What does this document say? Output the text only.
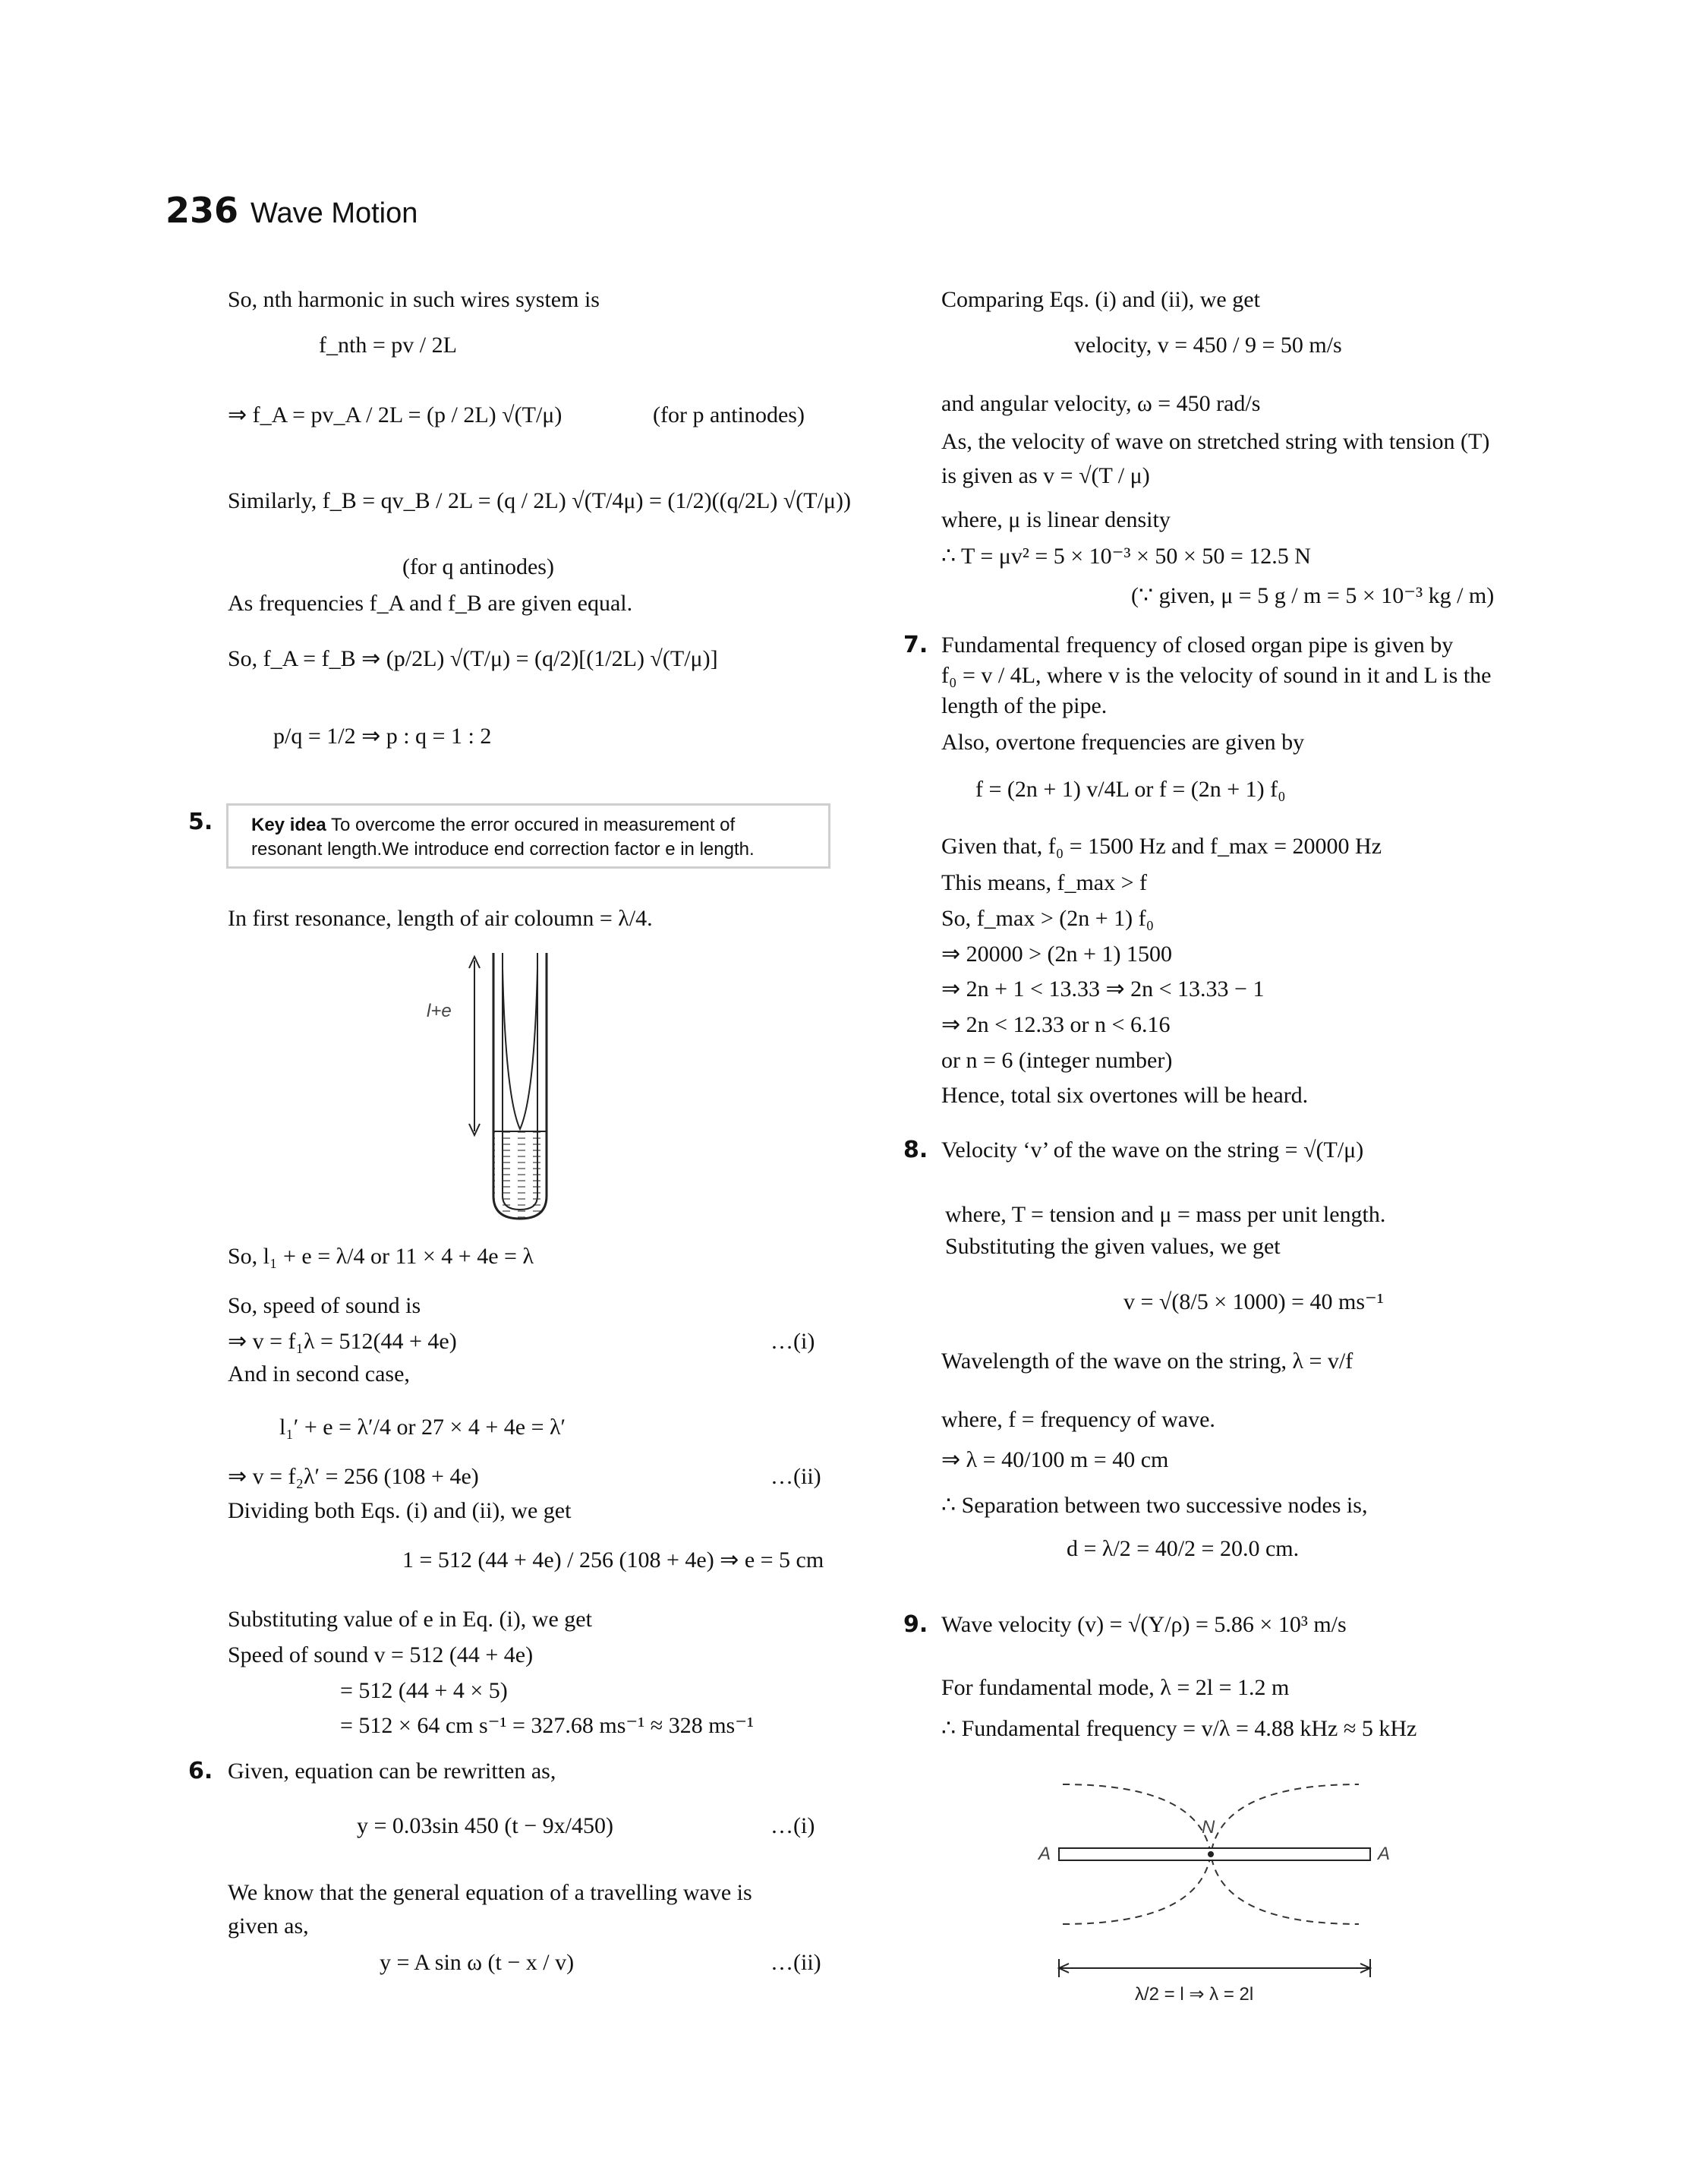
236 Wave Motion
So, nth harmonic in such wires system is
f_nth = pv / 2L
⇒ f_A = pv_A / 2L = (p / 2L) √(T/μ)	(for p antinodes)
Similarly, f_B = qv_B / 2L = (q / 2L) √(T/4μ) = (1/2)((q/2L) √(T/μ))
(for q antinodes)
As frequencies f_A and f_B are given equal.
So, f_A = f_B ⇒ (p/2L) √(T/μ) = (q/2)[(1/2L) √(T/μ)]
p/q = 1/2 ⇒ p : q = 1 : 2
5.	Key idea To overcome the error occured in measurement of resonant length.We introduce end correction factor e in length.
In first resonance, length of air coloumn = λ/4.
l+e
So, l₁ + e = λ/4 or 11 × 4 + 4e = λ
So, speed of sound is
⇒ v = f₁λ = 512(44 + 4e)	…(i)
And in second case,
l₁′ + e = λ′/4 or 27 × 4 + 4e = λ′
⇒ v = f₂λ′ = 256 (108 + 4e)	…(ii)
Dividing both Eqs. (i) and (ii), we get
1 = 512 (44 + 4e) / 256 (108 + 4e) ⇒ e = 5 cm
Substituting value of e in Eq. (i), we get
Speed of sound v = 512 (44 + 4e)
= 512 (44 + 4 × 5)
= 512 × 64 cm s⁻¹ = 327.68 ms⁻¹ ≈ 328 ms⁻¹
6. Given, equation can be rewritten as,
y = 0.03sin 450 (t − 9x/450)	…(i)
We know that the general equation of a travelling wave is
given as,
y = A sin ω (t − x / v)	…(ii)
Comparing Eqs. (i) and (ii), we get
velocity, v = 450 / 9 = 50 m/s
and angular velocity, ω = 450 rad/s
As, the velocity of wave on stretched string with tension (T)
is given as v = √(T / μ)
where, μ is linear density
∴ T = μv² = 5 × 10⁻³ × 50 × 50 = 12.5 N
(∵ given, μ = 5 g / m = 5 × 10⁻³ kg / m)
7. Fundamental frequency of closed organ pipe is given by
f₀ = v / 4L, where v is the velocity of sound in it and L is the
length of the pipe.
Also, overtone frequencies are given by
f = (2n + 1) v/4L or f = (2n + 1) f₀
Given that, f₀ = 1500 Hz and f_max = 20000 Hz
This means, f_max > f
So, f_max > (2n + 1) f₀
⇒ 20000 > (2n + 1) 1500
⇒ 2n + 1 < 13.33 ⇒ 2n < 13.33 − 1
⇒ 2n < 12.33 or n < 6.16
or n = 6 (integer number)
Hence, total six overtones will be heard.
8. Velocity ‘v’ of the wave on the string = √(T/μ)
where, T = tension and μ = mass per unit length.
Substituting the given values, we get
v = √(8/5 × 1000) = 40 ms⁻¹
Wavelength of the wave on the string, λ = v/f
where, f = frequency of wave.
⇒ λ = 40/100 m = 40 cm
∴ Separation between two successive nodes is,
d = λ/2 = 40/2 = 20.0 cm.
9. Wave velocity (v) = √(Y/ρ) = 5.86 × 10³ m/s
For fundamental mode, λ = 2l = 1.2 m
∴ Fundamental frequency = v/λ = 4.88 kHz ≈ 5 kHz
N
A	A
λ/2 = l ⇒ λ = 2l
